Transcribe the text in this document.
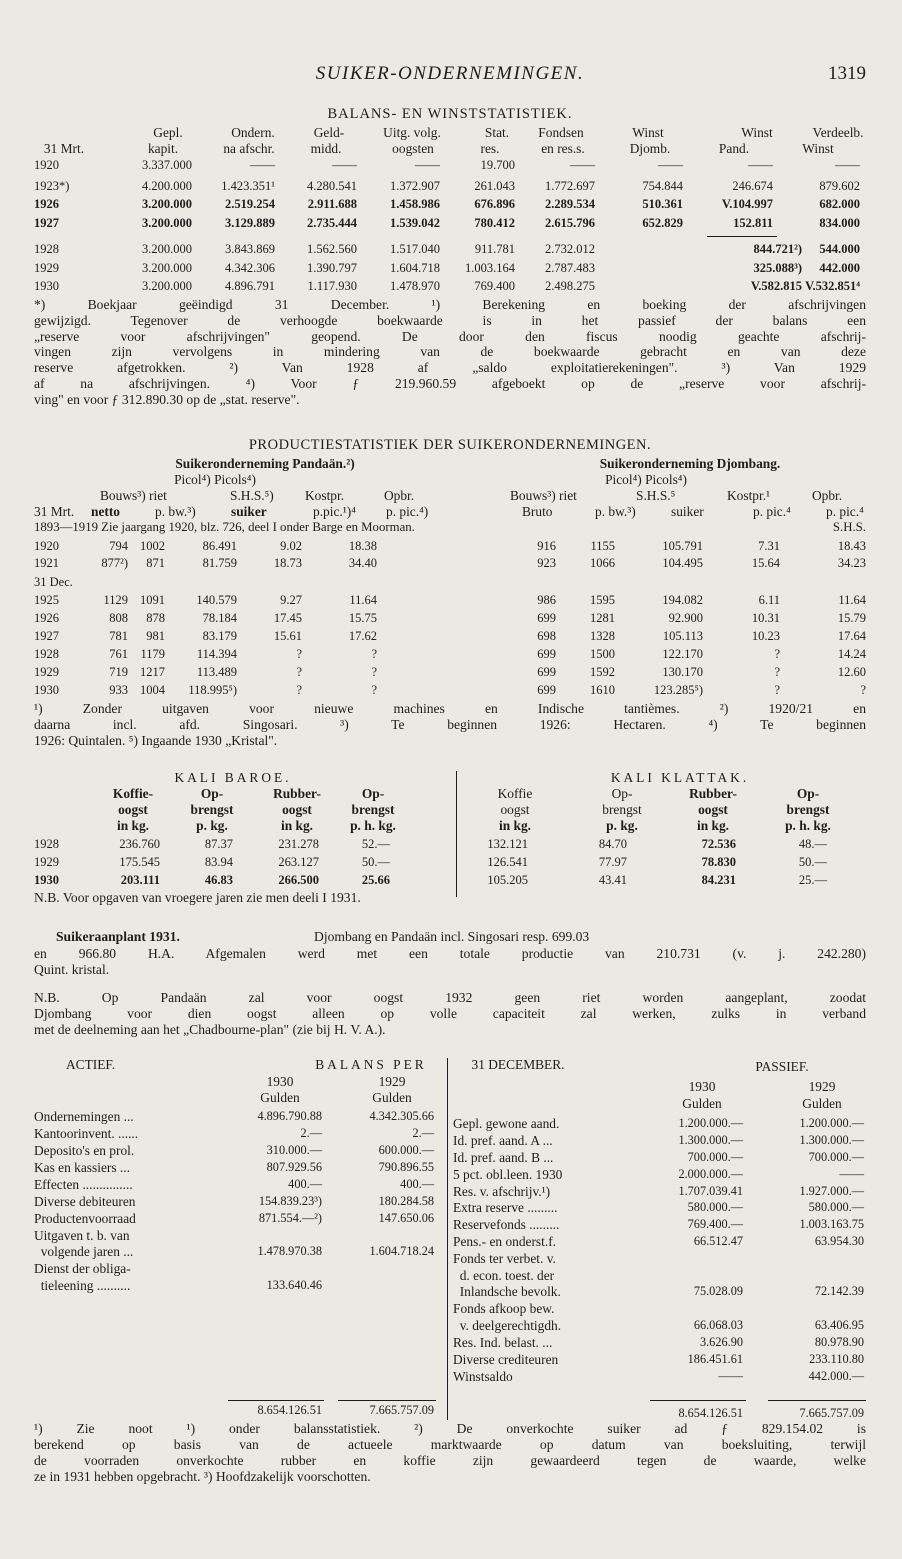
SUIKER-ONDERNEMINGEN.	1319
BALANS- EN WINSTSTATISTIEK.
Gepl.	Ondern.	Geld-	Uitg. volg.	Stat.	Fondsen	Winst	Winst	Verdeelb.
31 Mrt.	kapit.	na afschr.	midd.	oogsten	res.	en res.s.	Djomb.	Pand.	Winst
1920	3.337.000	——	——	——	19.700	——	——	——	——
1923*)	4.200.000 1.423.351¹	4.280.541	1.372.907	261.043 1.772.697	754.844	246.674	879.602
1926	3.200.000	2.519.254	2.911.688	1.458.986	676.896 2.289.534	510.361	V.104.997	682.000
1927	3.200.000	3.129.889	2.735.444	1.539.042	780.412 2.615.796	652.829	152.811	834.000
1928	3.200.000	3.843.869	1.562.560	1.517.040	911.781 2.732.012	844.721²) 544.000
1929	3.200.000	4.342.306	1.390.797	1.604.718 1.003.164 2.787.483	325.088³) 442.000
1930	3.200.000	4.896.791	1.117.930	1.478.970	769.400 2.498.275	V.582.815 V.532.851⁴
*) Boekjaar geëindigd 31 December. ¹) Berekening en boeking der afschrijvingen
gewijzigd. Tegenover de verhoogde boekwaarde is in het passief der balans een
„reserve voor afschrijvingen" geopend. De door den fiscus noodig geachte afschrij-
vingen zijn vervolgens in mindering van de boekwaarde gebracht en van deze
reserve afgetrokken. ²) Van 1928 af „saldo exploitatierekeningen". ³) Van 1929
af na afschrijvingen. ⁴) Voor ƒ 219.960.59 afgeboekt op de „reserve voor afschrij-
ving" en voor ƒ 312.890.30 op de „stat. reserve".
PRODUCTIESTATISTIEK DER SUIKERONDERNEMINGEN.
Suikeronderneming Pandaän.²)	Suikeronderneming Djombang.
Picol⁴) Picols⁴)	Picol⁴) Picols⁴)
Bouws³) riet	S.H.S.⁵) Kostpr.	Opbr.	Bouws³) riet	S.H.S.⁵	Kostpr.¹	Opbr.
31 Mrt. netto	p. bw.³)	suiker	p.pic.¹)⁴ p. pic.⁴)	Bruto	p. bw.³)	suiker	p. pic.⁴	p. pic.⁴
1893—1919 Zie jaargang 1920, blz. 726, deel I onder Barge en Moorman.	S.H.S.
31 Dec.
1920	794 1002	86.491	9.02	18.38	916	1155	105.791	7.31	18.43
1921	877²) 871	81.759	18.73	34.40	923	1066	104.495	15.64	34.23
1925	1129 1091	140.579	9.27	11.64	986	1595	194.082	6.11	11.64
1926	808 878	78.184	17.45	15.75	699	1281	92.900	10.31	15.79
1927	781 981	83.179	15.61	17.62	698	1328	105.113	10.23	17.64
1928	761 1179	114.394	?	?	699	1500	122.170	?	14.24
1929	719 1217	113.489	?	?	699	1592	130.170	?	12.60
1930	933 1004 118.995⁵)	?	?	699	1610	123.285⁵)	?	?
¹) Zonder uitgaven voor nieuwe machines en Indische tantièmes. ²) 1920/21 en
daarna incl. afd. Singosari. ³) Te beginnen 1926: Hectaren. ⁴) Te beginnen
1926: Quintalen. ⁵) Ingaande 1930 „Kristal".
KALI BAROE.	KALI KLATTAK.
Koffie-	Op-	Rubber-	Op-
oogst	brengst	oogst	brengst
in kg.	p. kg.	in kg.	p. h. kg.
Koffie	Op-	Rubber-	Op-
oogst	brengst	oogst	brengst
in kg.	p. kg.	in kg.	p. h. kg.
1928	236.760	87.37	231.278	52.—	132.121	84.70	72.536	48.—
1929	175.545	83.94	263.127	50.—	126.541	77.97	78.830	50.—
1930	203.111	46.83	266.500	25.66	105.205	43.41	84.231	25.—
N.B. Voor opgaven van vroegere jaren zie men deeli I 1931.
Suikeraanplant 1931.	Djombang en Pandaän incl. Singosari resp. 699.03
en 966.80 H.A. Afgemalen werd met een totale productie van 210.731 (v. j. 242.280)
Quint. kristal.
N.B. Op Pandaän zal voor oogst 1932 geen riet worden aangeplant, zoodat
Djombang voor dien oogst alleen op volle capaciteit zal werken, zulks in verband
met de deelneming aan het „Chadbourne-plan" (zie bij H. V. A.).
ACTIEF.	BALANS PER	31 DECEMBER.	PASSIEF.
1930	1929
Gulden	Gulden
1930	1929
Gulden	Gulden
Ondernemingen ...	4.896.790.88	4.342.305.66
Kantoorinvent. ......	2.—	2.—
Deposito's en prol.	310.000.—	600.000.—
Kas en kassiers ...	807.929.56	790.896.55
Effecten ...............	400.—	400.—
Diverse debiteuren	154.839.23³)	180.284.58
Productenvoorraad	871.554.—²)	147.650.06
Uitgaven t. b. van
volgende jaren ...	1.478.970.38	1.604.718.24
Dienst der obliga-
tieleening ..........	133.640.46
Gepl. gewone aand.	1.200.000.—	1.200.000.—
Id. pref. aand. A ...	1.300.000.—	1.300.000.—
Id. pref. aand. B ...	700.000.—	700.000.—
5 pct. obl.leen. 1930	2.000.000.—	——
Res. v. afschrijv.¹)	1.707.039.41	1.927.000.—
Extra reserve .........	580.000.—	580.000.—
Reservefonds .........	769.400.—	1.003.163.75
Pens.- en onderst.f.	66.512.47	63.954.30
Fonds ter verbet. v.
d. econ. toest. der
Inlandsche bevolk.	75.028.09	72.142.39
Fonds afkoop bew.
v. deelgerechtigdh.	66.068.03	63.406.95
Res. Ind. belast. ...	3.626.90	80.978.90
Diverse crediteuren	186.451.61	233.110.80
Winstsaldo	——	442.000.—
8.654.126.51	7.665.757.09	8.654.126.51	7.665.757.09
¹) Zie noot ¹) onder balansstatistiek. ²) De onverkochte suiker ad ƒ 829.154.02 is
berekend op basis van de actueele marktwaarde op datum van boeksluiting, terwijl
de voorraden onverkochte rubber en koffie zijn gewaardeerd tegen de waarde, welke
ze in 1931 hebben opgebracht. ³) Hoofdzakelijk voorschotten.
